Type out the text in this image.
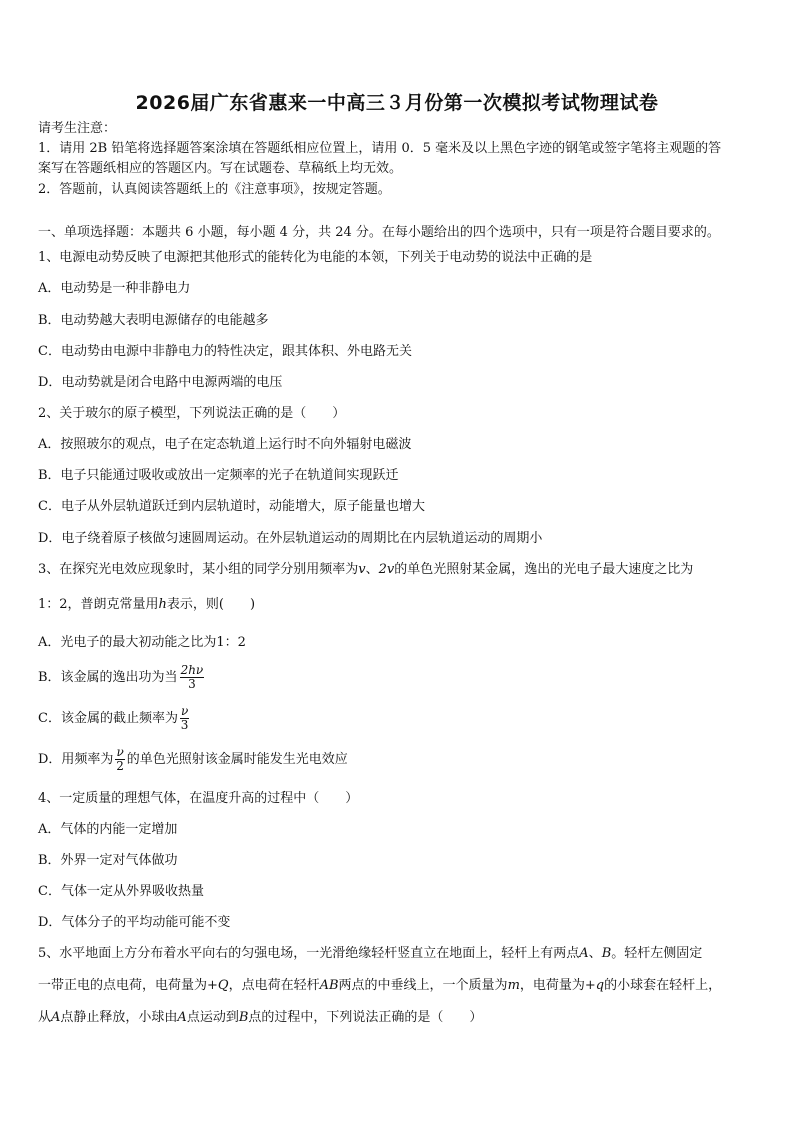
2026届广东省惠来一中高三３月份第一次模拟考试物理试卷
请考生注意：
1．请用 2B 铅笔将选择题答案涂填在答题纸相应位置上，请用 0．5 毫米及以上黑色字迹的钢笔或签字笔将主观题的答
案写在答题纸相应的答题区内。写在试题卷、草稿纸上均无效。
2．答题前，认真阅读答题纸上的《注意事项》，按规定答题。
一、单项选择题：本题共 6 小题，每小题 4 分，共 24 分。在每小题给出的四个选项中，只有一项是符合题目要求的。
1、电源电动势反映了电源把其他形式的能转化为电能的本领，下列关于电动势的说法中正确的是
A．电动势是一种非静电力
B．电动势越大表明电源储存的电能越多
C．电动势由电源中非静电力的特性决定，跟其体积、外电路无关
D．电动势就是闭合电路中电源两端的电压
2、关于玻尔的原子模型，下列说法正确的是（　　）
A．按照玻尔的观点，电子在定态轨道上运行时不向外辐射电磁波
B．电子只能通过吸收或放出一定频率的光子在轨道间实现跃迁
C．电子从外层轨道跃迁到内层轨道时，动能增大，原子能量也增大
D．电子绕着原子核做匀速圆周运动。在外层轨道运动的周期比在内层轨道运动的周期小
3、在探究光电效应现象时，某小组的同学分别用频率为v、2v的单色光照射某金属，逸出的光电子最大速度之比为
1：2，普朗克常量用h表示，则(　　)
A．光电子的最大初动能之比为1：2
B．该金属的逸出功为当 $\frac{2h\nu}{3}$
C．该金属的截止频率为 $\frac{\nu}{3}$
D．用频率为 $\frac{\nu}{2}$ 的单色光照射该金属时能发生光电效应
4、一定质量的理想气体，在温度升高的过程中（　　）
A．气体的内能一定增加
B．外界一定对气体做功
C．气体一定从外界吸收热量
D．气体分子的平均动能可能不变
5、水平地面上方分布着水平向右的匀强电场，一光滑绝缘轻杆竖直立在地面上，轻杆上有两点A、B。轻杆左侧固定
一带正电的点电荷，电荷量为+Q，点电荷在轻杆AB两点的中垂线上，一个质量为m，电荷量为+q的小球套在轻杆上，
从A点静止释放，小球由A点运动到B点的过程中，下列说法正确的是（　　）
